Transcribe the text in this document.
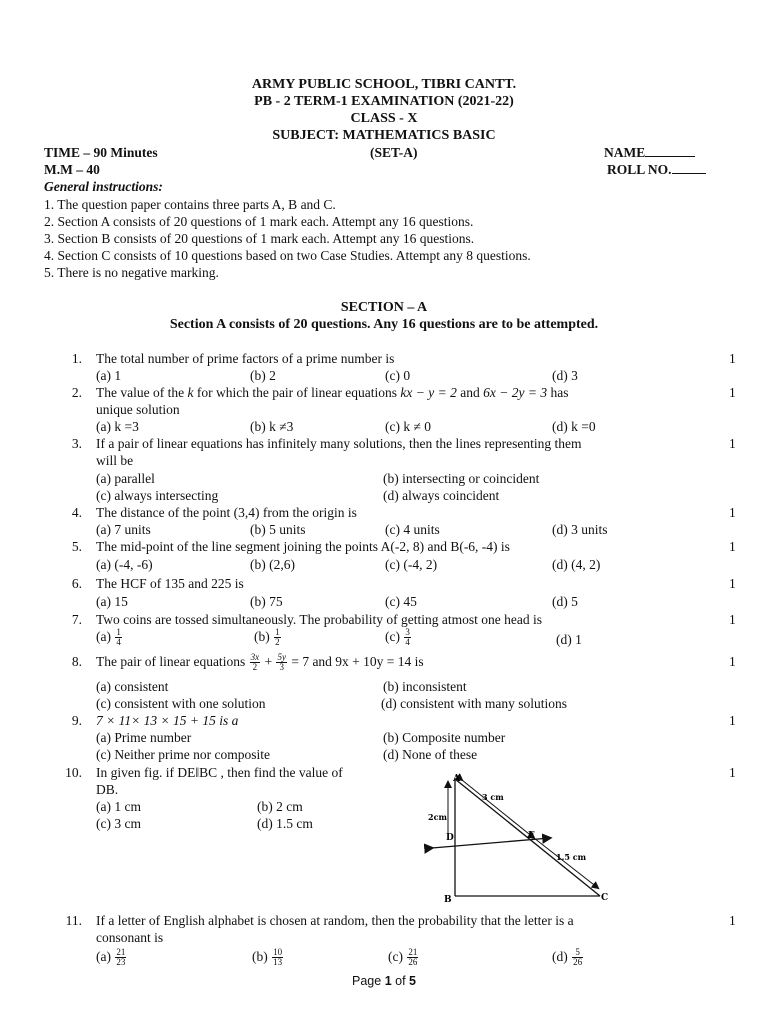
ARMY PUBLIC SCHOOL, TIBRI CANTT.
PB - 2 TERM-1 EXAMINATION (2021-22)
CLASS - X
SUBJECT: MATHEMATICS BASIC
TIME – 90 Minutes	(SET-A)	NAME
M.M – 40	ROLL NO.
General instructions:
1. The question paper contains three parts A, B and C.
2. Section A consists of 20 questions of 1 mark each. Attempt any 16 questions.
3. Section B consists of 20 questions of 1 mark each. Attempt any 16 questions.
4. Section C consists of 10 questions based on two Case Studies. Attempt any 8 questions.
5. There is no negative marking.
SECTION – A
Section A consists of 20 questions. Any 16 questions are to be attempted.
1. The total number of prime factors of a prime number is	1
(a) 1	(b) 2	(c) 0	(d) 3
2. The value of the k for which the pair of linear equations kx − y = 2 and 6x − 2y = 3 has	1
unique solution
(a) k =3	(b) k ≠3	(c) k ≠ 0	(d) k =0
3. If a pair of linear equations has infinitely many solutions, then the lines representing them	1
will be
(a) parallel	(b) intersecting or coincident
(c) always intersecting	(d) always coincident
4. The distance of the point (3,4) from the origin is	1
(a) 7 units	(b) 5 units	(c) 4 units	(d) 3 units
5. The mid-point of the line segment joining the points A(-2, 8) and B(-6, -4) is	1
(a) (-4, -6)	(b) (2,6)	(c) (-4, 2)	(d) (4, 2)
6. The HCF of 135 and 225 is	1
(a) 15	(b) 75	(c) 45	(d) 5
7. Two coins are tossed simultaneously. The probability of getting atmost one head is	1
$(a) \frac{1}{4}$	$(b) \frac{1}{2}$	$(c) \frac{3}{4}$	(d) 1
8. The pair of linear equations $\frac{3x}{2} + \frac{5y}{3} = 7$ and 9x + 10y = 14 is	1
(a) consistent	(b) inconsistent
(c) consistent with one solution	(d) consistent with many solutions
9. 7 × 11× 13 × 15 + 15 is a	1
(a) Prime number	(b) Composite number
(c) Neither prime nor composite	(d) None of these
10. In given fig. if DE‖BC , then find the value of	1
DB.
(a) 1 cm	(b) 2 cm
(c) 3 cm	(d) 1.5 cm
A
B	C
D	E
2cm
3 cm
1.5 cm
11. If a letter of English alphabet is chosen at random, then the probability that the letter is a	1
consonant is
$(a) \frac{21}{23}$	$(b) \frac{10}{13}$	$(c) \frac{21}{26}$	$(d) \frac{5}{26}$
Page 1 of 5
